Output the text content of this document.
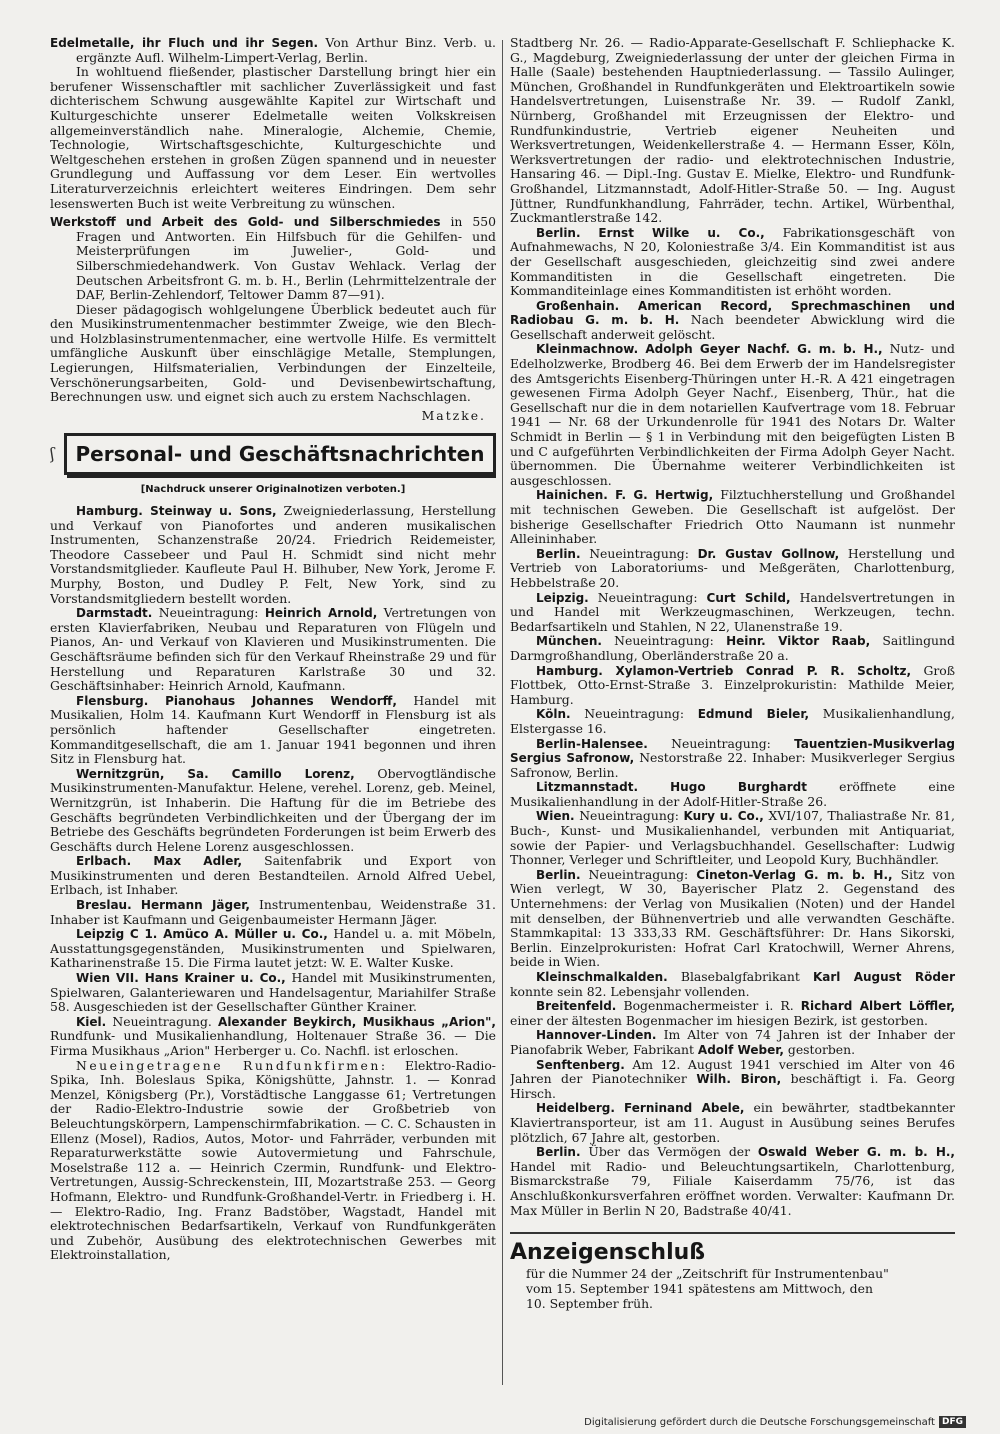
Edelmetalle, ihr Fluch und ihr Segen. Von Arthur Binz. Verb. u. ergänzte Aufl. Wilhelm-Limpert-Verlag, Berlin.

In wohltuend fließender, plastischer Darstellung bringt hier ein berufener Wissenschaftler mit sachlicher Zuverlässigkeit und fast dichterischem Schwung ausgewählte Kapitel zur Wirtschaft und Kulturgeschichte unserer Edelmetalle weiten Volkskreisen allgemeinverständlich nahe. Mineralogie, Alchemie, Chemie, Technologie, Wirtschaftsgeschichte, Kulturgeschichte und Weltgeschehen erstehen in großen Zügen spannend und in neuester Grundlegung und Auffassung vor dem Leser. Ein wertvolles Literaturverzeichnis erleichtert weiteres Eindringen. Dem sehr lesenswerten Buch ist weite Verbreitung zu wünschen.

Werkstoff und Arbeit des Gold- und Silberschmiedes in 550 Fragen und Antworten. Ein Hilfsbuch für die Gehilfen- und Meisterprüfungen im Juwelier-, Gold- und Silberschmiedehandwerk. Von Gustav Wehlack. Verlag der Deutschen Arbeitsfront G. m. b. H., Berlin (Lehrmittelzentrale der DAF, Berlin-Zehlendorf, Teltower Damm 87—91).

Dieser pädagogisch wohlgelungene Überblick bedeutet auch für den Musikinstrumentenmacher bestimmter Zweige, wie den Blech- und Holzblasinstrumentenmacher, eine wertvolle Hilfe. Es vermittelt umfängliche Auskunft über einschlägige Metalle, Stemplungen, Legierungen, Hilfsmaterialien, Verbindungen der Einzelteile, Verschönerungsarbeiten, Gold- und Devisenbewirtschaftung, Berechnungen usw. und eignet sich auch zu erstem Nachschlagen.

Matzke.

ʃ	Personal- und Geschäftsnachrichten
[Nachdruck unserer Originalnotizen verboten.]

Hamburg. Steinway u. Sons, Zweigniederlassung, Herstellung und Verkauf von Pianofortes und anderen musikalischen Instrumenten, Schanzenstraße 20/24. Friedrich Reidemeister, Theodore Cassebeer und Paul H. Schmidt sind nicht mehr Vorstandsmitglieder. Kaufleute Paul H. Bilhuber, New York, Jerome F. Murphy, Boston, und Dudley P. Felt, New York, sind zu Vorstandsmitgliedern bestellt worden.

Darmstadt. Neueintragung: Heinrich Arnold, Vertretungen von ersten Klavierfabriken, Neubau und Reparaturen von Flügeln und Pianos, An- und Verkauf von Klavieren und Musikinstrumenten. Die Geschäftsräume befinden sich für den Verkauf Rheinstraße 29 und für Herstellung und Reparaturen Karlstraße 30 und 32. Geschäftsinhaber: Heinrich Arnold, Kaufmann.

Flensburg. Pianohaus Johannes Wendorff, Handel mit Musikalien, Holm 14. Kaufmann Kurt Wendorff in Flensburg ist als persönlich haftender Gesellschafter eingetreten. Kommanditgesellschaft, die am 1. Januar 1941 begonnen und ihren Sitz in Flensburg hat.

Wernitzgrün, Sa. Camillo Lorenz, Obervogtländische Musikinstrumenten-Manufaktur. Helene, verehel. Lorenz, geb. Meinel, Wernitzgrün, ist Inhaberin. Die Haftung für die im Betriebe des Geschäfts begründeten Verbindlichkeiten und der Übergang der im Betriebe des Geschäfts begründeten Forderungen ist beim Erwerb des Geschäfts durch Helene Lorenz ausgeschlossen.

Erlbach. Max Adler, Saitenfabrik und Export von Musikinstrumenten und deren Bestandteilen. Arnold Alfred Uebel, Erlbach, ist Inhaber.

Breslau. Hermann Jäger, Instrumentenbau, Weidenstraße 31. Inhaber ist Kaufmann und Geigenbaumeister Hermann Jäger.

Leipzig C 1. Amüco A. Müller u. Co., Handel u. a. mit Möbeln, Ausstattungsgegenständen, Musikinstrumenten und Spielwaren, Katharinenstraße 15. Die Firma lautet jetzt: W. E. Walter Kuske.

Wien VII. Hans Krainer u. Co., Handel mit Musikinstrumenten, Spielwaren, Galanteriewaren und Handelsagentur, Mariahilfer Straße 58. Ausgeschieden ist der Gesellschafter Günther Krainer.

Kiel. Neueintragung. Alexander Beykirch, Musikhaus „Arion", Rundfunk- und Musikalienhandlung, Holtenauer Straße 36. — Die Firma Musikhaus „Arion" Herberger u. Co. Nachfl. ist erloschen.

Neueingetragene Rundfunkfirmen: Elektro-Radio-Spika, Inh. Boleslaus Spika, Königshütte, Jahnstr. 1. — Konrad Menzel, Königsberg (Pr.), Vorstädtische Langgasse 61; Vertretungen der Radio-Elektro-Industrie sowie der Großbetrieb von Beleuchtungskörpern, Lampenschirmfabrikation. — C. C. Schausten in Ellenz (Mosel), Radios, Autos, Motor- und Fahrräder, verbunden mit Reparaturwerkstätte sowie Autovermietung und Fahrschule, Moselstraße 112 a. — Heinrich Czermin, Rundfunk- und Elektro-Vertretungen, Aussig-Schreckenstein, III, Mozartstraße 253. — Georg Hofmann, Elektro- und Rundfunk-Großhandel-Vertr. in Friedberg i. H. — Elektro-Radio, Ing. Franz Badstöber, Wagstadt, Handel mit elektrotechnischen Bedarfsartikeln, Verkauf von Rundfunkgeräten und Zubehör, Ausübung des elektrotechnischen Gewerbes mit Elektroinstallation,

Stadtberg Nr. 26. — Radio-Apparate-Gesellschaft F. Schliephacke K. G., Magdeburg, Zweigniederlassung der unter der gleichen Firma in Halle (Saale) bestehenden Hauptniederlassung. — Tassilo Aulinger, München, Großhandel in Rundfunkgeräten und Elektroartikeln sowie Handelsvertretungen, Luisenstraße Nr. 39. — Rudolf Zankl, Nürnberg, Großhandel mit Erzeugnissen der Elektro- und Rundfunkindustrie, Vertrieb eigener Neuheiten und Werksvertretungen, Weidenkellerstraße 4. — Hermann Esser, Köln, Werksvertretungen der radio- und elektrotechnischen Industrie, Hansaring 46. — Dipl.-Ing. Gustav E. Mielke, Elektro- und Rundfunk-Großhandel, Litzmannstadt, Adolf-Hitler-Straße 50. — Ing. August Jüttner, Rundfunkhandlung, Fahrräder, techn. Artikel, Würbenthal, Zuckmantlerstraße 142.

Berlin. Ernst Wilke u. Co., Fabrikationsgeschäft von Aufnahmewachs, N 20, Koloniestraße 3/4. Ein Kommanditist ist aus der Gesellschaft ausgeschieden, gleichzeitig sind zwei andere Kommanditisten in die Gesellschaft eingetreten. Die Kommanditeinlage eines Kommanditisten ist erhöht worden.

Großenhain. American Record, Sprechmaschinen und Radiobau G. m. b. H. Nach beendeter Abwicklung wird die Gesellschaft anderweit gelöscht.

Kleinmachnow. Adolph Geyer Nachf. G. m. b. H., Nutz- und Edelholzwerke, Brodberg 46. Bei dem Erwerb der im Handelsregister des Amtsgerichts Eisenberg-Thüringen unter H.-R. A 421 eingetragen gewesenen Firma Adolph Geyer Nachf., Eisenberg, Thür., hat die Gesellschaft nur die in dem notariellen Kaufvertrage vom 18. Februar 1941 — Nr. 68 der Urkundenrolle für 1941 des Notars Dr. Walter Schmidt in Berlin — § 1 in Verbindung mit den beigefügten Listen B und C aufgeführten Verbindlichkeiten der Firma Adolph Geyer Nacht. übernommen. Die Übernahme weiterer Verbindlichkeiten ist ausgeschlossen.

Hainichen. F. G. Hertwig, Filztuchherstellung und Großhandel mit technischen Geweben. Die Gesellschaft ist aufgelöst. Der bisherige Gesellschafter Friedrich Otto Naumann ist nunmehr Alleininhaber.

Berlin. Neueintragung: Dr. Gustav Gollnow, Herstellung und Vertrieb von Laboratoriums- und Meßgeräten, Charlottenburg, Hebbelstraße 20.

Leipzig. Neueintragung: Curt Schild, Handelsvertretungen in und Handel mit Werkzeugmaschinen, Werkzeugen, techn. Bedarfsartikeln und Stahlen, N 22, Ulanenstraße 19.

München. Neueintragung: Heinr. Viktor Raab, Saitlingund Darmgroßhandlung, Oberländerstraße 20 a.

Hamburg. Xylamon-Vertrieb Conrad P. R. Scholtz, Groß Flottbek, Otto-Ernst-Straße 3. Einzelprokuristin: Mathilde Meier, Hamburg.

Köln. Neueintragung: Edmund Bieler, Musikalienhandlung, Elstergasse 16.

Berlin-Halensee. Neueintragung: Tauentzien-Musikverlag Sergius Safronow, Nestorstraße 22. Inhaber: Musikverleger Sergius Safronow, Berlin.

Litzmannstadt.	Hugo Burghardt	eröffnete eine Musikalienhandlung in der Adolf-Hitler-Straße 26.

Wien. Neueintragung: Kury u. Co., XVI/107, Thaliastraße Nr. 81, Buch-, Kunst- und Musikalienhandel, verbunden mit Antiquariat, sowie der Papier- und Verlagsbuchhandel. Gesellschafter: Ludwig Thonner, Verleger und Schriftleiter, und Leopold Kury, Buchhändler.

Berlin. Neueintragung: Cineton-Verlag G. m. b. H., Sitz von Wien verlegt, W 30, Bayerischer Platz 2. Gegenstand des Unternehmens: der Verlag von Musikalien (Noten) und der Handel mit denselben, der Bühnenvertrieb und alle verwandten Geschäfte. Stammkapital: 13 333,33 RM. Geschäftsführer: Dr. Hans Sikorski, Berlin. Einzelprokuristen: Hofrat Carl Kratochwill, Werner Ahrens, beide in Wien.

Kleinschmalkalden. Blasebalgfabrikant Karl August Röder konnte sein 82. Lebensjahr vollenden.

Breitenfeld. Bogenmachermeister i. R. Richard Albert Löffler, einer der ältesten Bogenmacher im hiesigen Bezirk, ist gestorben.

Hannover-Linden. Im Alter von 74 Jahren ist der Inhaber der Pianofabrik Weber, Fabrikant Adolf Weber, gestorben.

Senftenberg. Am 12. August 1941 verschied im Alter von 46 Jahren der Pianotechniker Wilh. Biron, beschäftigt i. Fa. Georg Hirsch.

Heidelberg. Ferninand Abele, ein bewährter, stadtbekannter Klaviertransporteur, ist am 11. August in Ausübung seines Berufes plötzlich, 67 Jahre alt, gestorben.

Berlin. Über das Vermögen der Oswald Weber G. m. b. H., Handel mit Radio- und Beleuchtungsartikeln, Charlottenburg, Bismarckstraße 79, Filiale Kaiserdamm 75/76, ist das Anschlußkonkursverfahren eröffnet worden. Verwalter: Kaufmann Dr. Max Müller in Berlin N 20, Badstraße 40/41.

Anzeigenschluß
für die Nummer 24 der „Zeitschrift für Instrumentenbau"
vom 15. September 1941 spätestens am Mittwoch, den
10. September früh.
Digitalisierung gefördert durch die Deutsche Forschungsgemeinschaft DFG
